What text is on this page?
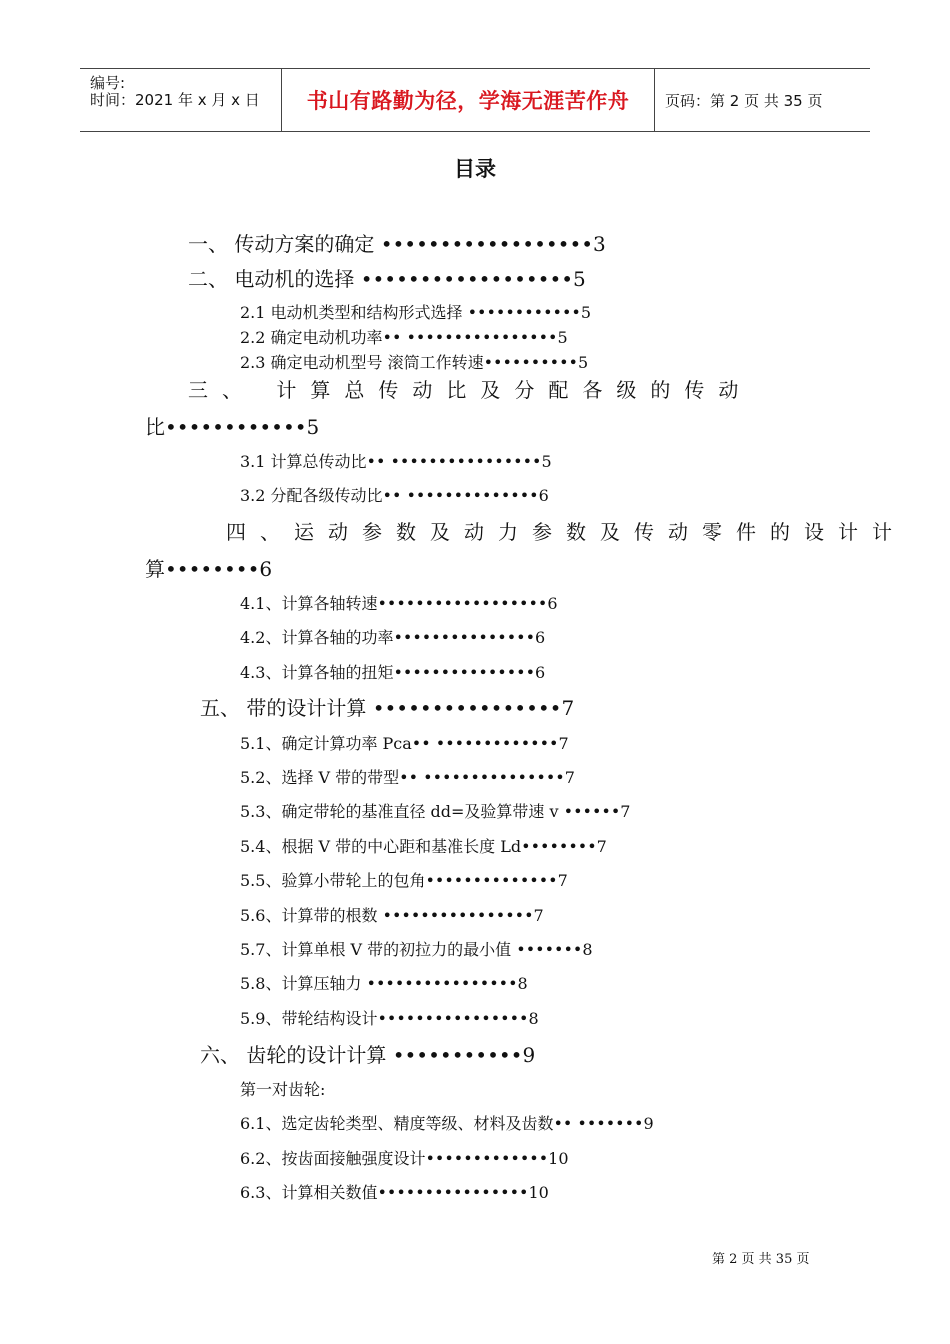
编号:
时间：2021 年 x 月 x 日 书山有路勤为径，学海无涯苦作舟	页码：第 2 页 共 35 页
目录
一、 传动方案的确定 ••••••••••••••••••3
二、 电动机的选择 ••••••••••••••••••5
2.1 电动机类型和结构形式选择 ••••••••••••5
2.2 确定电动机功率•• ••••••••••••••••5
2.3 确定电动机型号 滚筒工作转速••••••••••5
三、 计算总传动比及分配各级的传动
比••••••••••••5
3.1 计算总传动比•• ••••••••••••••••5
3.2 分配各级传动比•• ••••••••••••••6
四、运动参数及动力参数及传动零件的设计计
算••••••••6
4.1、计算各轴转速••••••••••••••••••6
4.2、计算各轴的功率•••••••••••••••6
4.3、计算各轴的扭矩•••••••••••••••6
五、 带的设计计算 ••••••••••••••••7
5.1、确定计算功率 Pca•• •••••••••••••7
5.2、选择 V 带的带型•• •••••••••••••••7
5.3、确定带轮的基准直径 dd=及验算带速 v ••••••7
5.4、根据 V 带的中心距和基准长度 Ld••••••••7
5.5、验算小带轮上的包角••••••••••••••7
5.6、计算带的根数 ••••••••••••••••7
5.7、计算单根 V 带的初拉力的最小值 •••••••8
5.8、计算压轴力 ••••••••••••••••8
5.9、带轮结构设计••••••••••••••••8
六、 齿轮的设计计算 •••••••••••9
第一对齿轮:
6.1、选定齿轮类型、精度等级、材料及齿数•• •••••••9
6.2、按齿面接触强度设计•••••••••••••10
6.3、计算相关数值••••••••••••••••10
第 2 页 共 35 页
